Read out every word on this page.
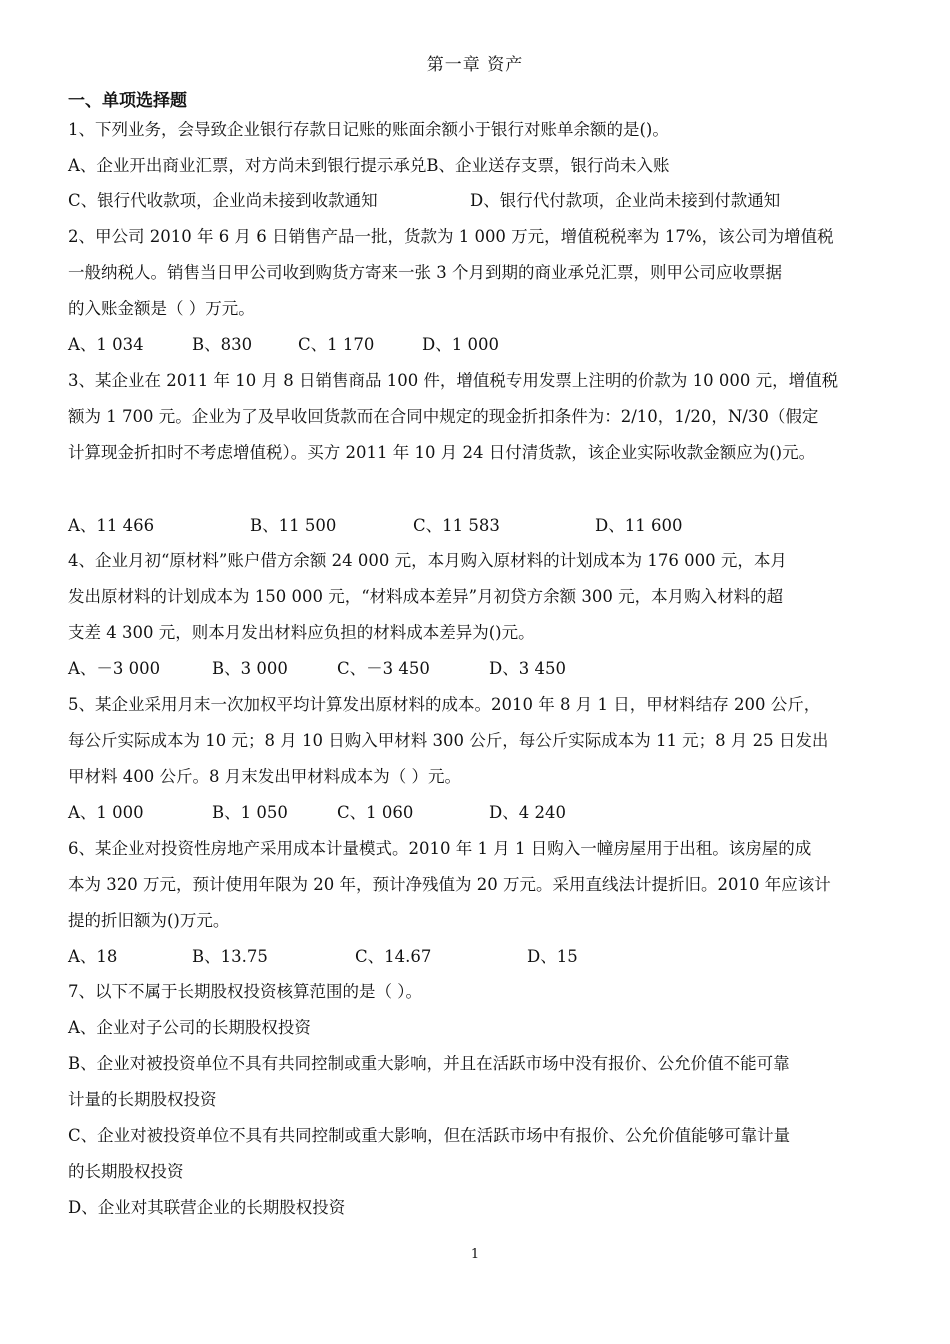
第一章 资产
一、单项选择题
1、下列业务，会导致企业银行存款日记账的账面余额小于银行对账单余额的是()。
A、企业开出商业汇票，对方尚未到银行提示承兑B、企业送存支票，银行尚未入账
C、银行代收款项，企业尚未接到收款通知	D、银行代付款项，企业尚未接到付款通知
2、甲公司 2010 年 6 月 6 日销售产品一批，货款为 1 000 万元，增值税税率为 17%，该公司为增值税
一般纳税人。销售当日甲公司收到购货方寄来一张 3 个月到期的商业承兑汇票，则甲公司应收票据
的入账金额是（ ）万元。
A、1 034	B、830	C、1 170	D、1 000
3、某企业在 2011 年 10 月 8 日销售商品 100 件，增值税专用发票上注明的价款为 10 000 元，增值税
额为 1 700 元。企业为了及早收回货款而在合同中规定的现金折扣条件为：2/10，1/20，N/30（假定
计算现金折扣时不考虑增值税）。买方 2011 年 10 月 24 日付清货款，该企业实际收款金额应为()元。
A、11 466	B、11 500	C、11 583	D、11 600
4、企业月初“原材料”账户借方余额 24 000 元，本月购入原材料的计划成本为 176 000 元，本月
发出原材料的计划成本为 150 000 元，“材料成本差异”月初贷方余额 300 元，本月购入材料的超
支差 4 300 元，则本月发出材料应负担的材料成本差异为()元。
A、－3 000	B、3 000	C、－3 450	D、3 450
5、某企业采用月末一次加权平均计算发出原材料的成本。2010 年 8 月 1 日，甲材料结存 200 公斤，
每公斤实际成本为 10 元；8 月 10 日购入甲材料 300 公斤，每公斤实际成本为 11 元；8 月 25 日发出
甲材料 400 公斤。8 月末发出甲材料成本为（ ）元。
A、1 000	B、1 050	C、1 060	D、4 240
6、某企业对投资性房地产采用成本计量模式。2010 年 1 月 1 日购入一幢房屋用于出租。该房屋的成
本为 320 万元，预计使用年限为 20 年，预计净残值为 20 万元。采用直线法计提折旧。2010 年应该计
提的折旧额为()万元。
A、18	B、13.75	C、14.67	D、15
7、以下不属于长期股权投资核算范围的是（ ）。
A、企业对子公司的长期股权投资
B、企业对被投资单位不具有共同控制或重大影响，并且在活跃市场中没有报价、公允价值不能可靠
计量的长期股权投资
C、企业对被投资单位不具有共同控制或重大影响，但在活跃市场中有报价、公允价值能够可靠计量
的长期股权投资
D、企业对其联营企业的长期股权投资
1
